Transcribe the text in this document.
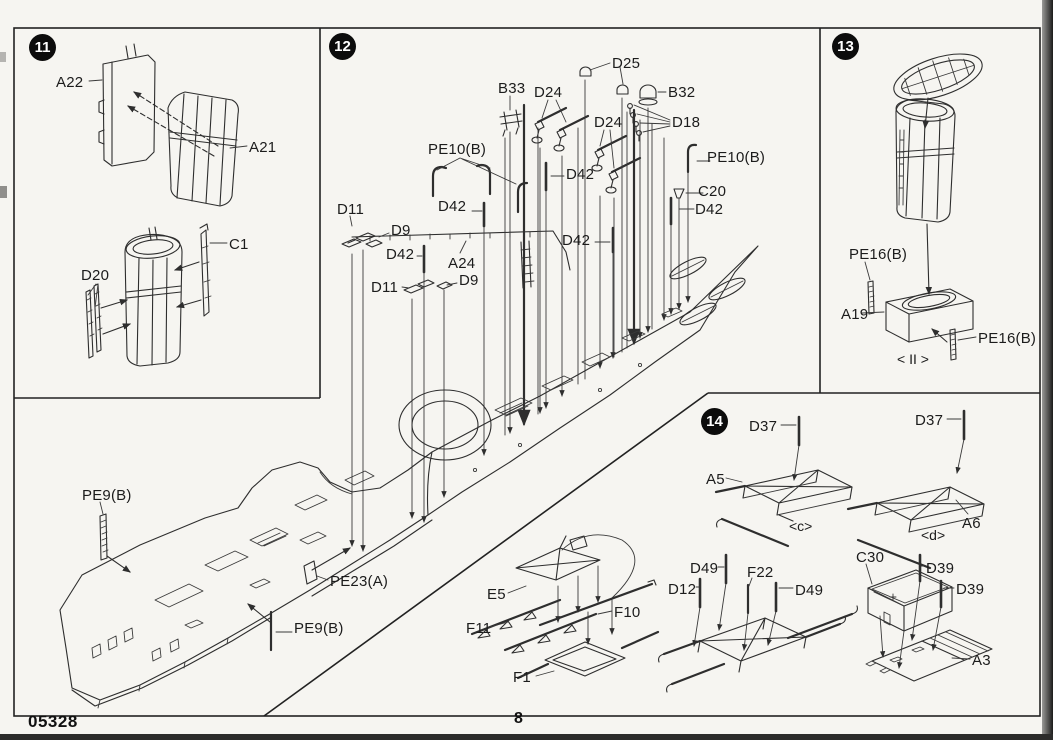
11	12	13
14
A22
A21
C1
D20
B33 D24
D25
B32
D24	D18
PE10(B)
D42
PE10(B)
C20
D42
D11	D42
D9
D42
A24
D42
D11	D9
PE9(B)
PE23(A)
PE9(B)
E5
F10
F11
F1
PE16(B)
A19
PE16(B)
< II >
D37	D37
A5
A6
<c>
<d>
D49 F22
D12	D49
C30
D39
D39
A3
05328	8
